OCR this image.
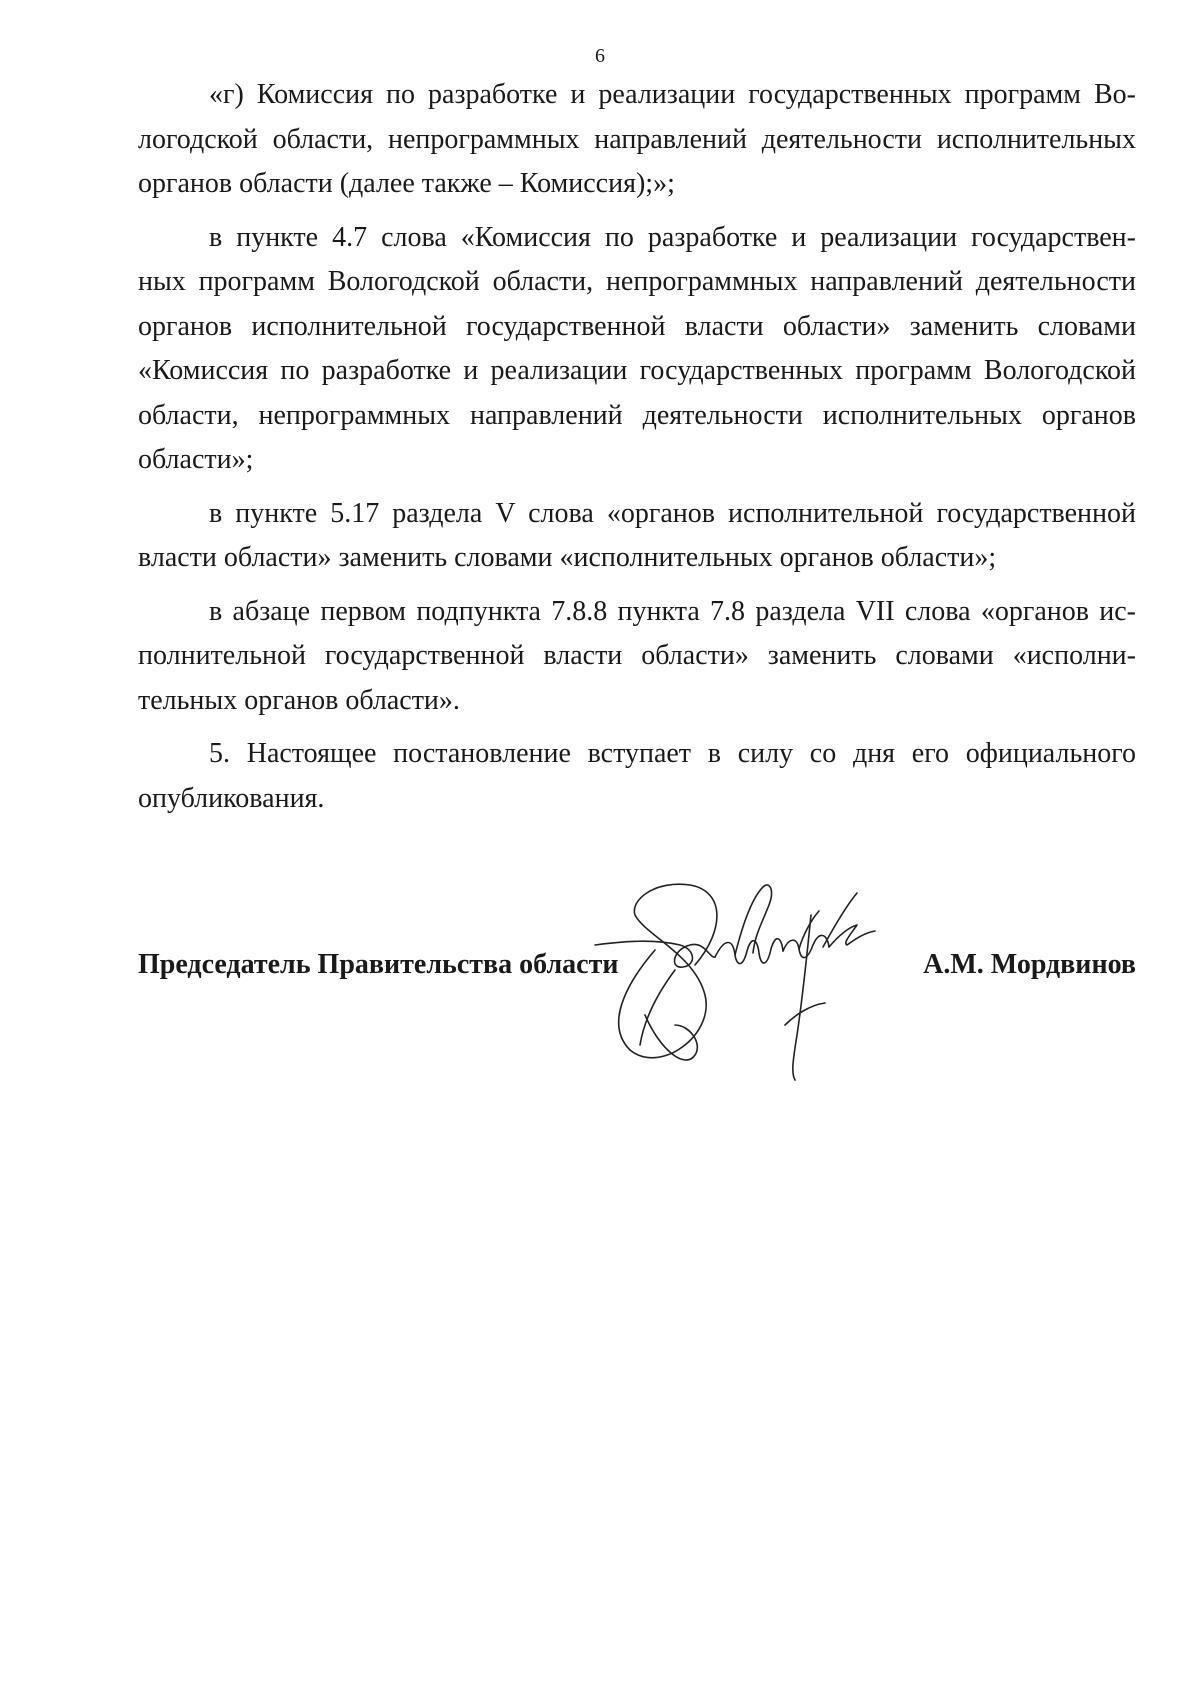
6

«г) Комиссия по разработке и реализации государственных программ Во-
логодской области, непрограммных направлений деятельности исполнительных
органов области (далее также – Комиссия);»;

в пункте 4.7 слова «Комиссия по разработке и реализации государствен-
ных программ Вологодской области, непрограммных направлений деятельности
органов исполнительной государственной власти области» заменить словами
«Комиссия по разработке и реализации государственных программ Вологодской
области, непрограммных направлений деятельности исполнительных органов
области»;

в пункте 5.17 раздела V слова «органов исполнительной государственной
власти области» заменить словами «исполнительных органов области»;

в абзаце первом подпункта 7.8.8 пункта 7.8 раздела VII слова «органов ис-
полнительной государственной власти области» заменить словами «исполни-
тельных органов области».

5. Настоящее постановление вступает в силу со дня его официального
опубликования.

Председатель Правительства области	А.М. Мордвинов
